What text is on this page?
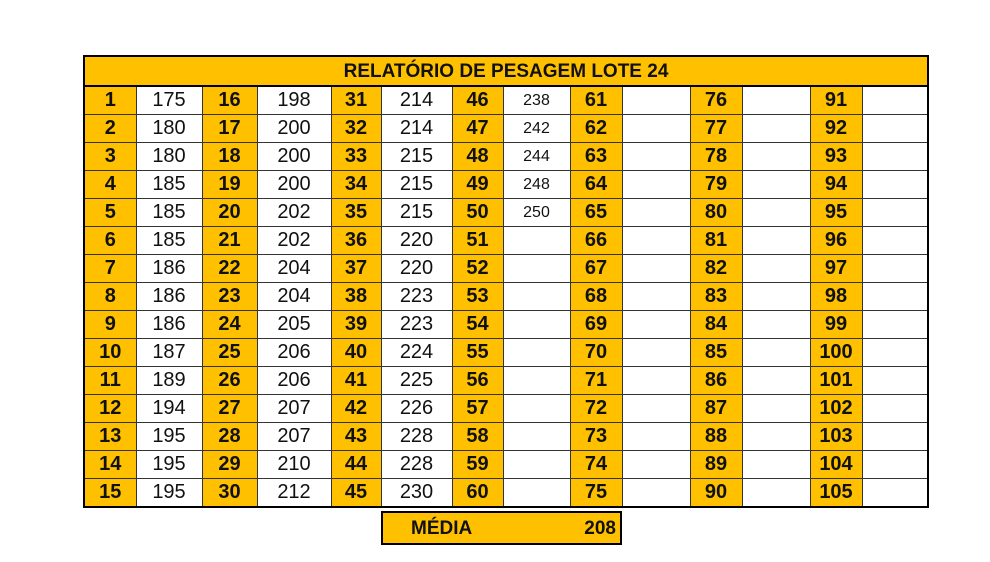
RELATÓRIO DE PESAGEM LOTE 24													
1	175	16	198	31	214	46	238	61		76		91	
2	180	17	200	32	214	47	242	62		77		92	
3	180	18	200	33	215	48	244	63		78		93	
4	185	19	200	34	215	49	248	64		79		94	
5	185	20	202	35	215	50	250	65		80		95	
6	185	21	202	36	220	51		66		81		96	
7	186	22	204	37	220	52		67		82		97	
8	186	23	204	38	223	53		68		83		98	
9	186	24	205	39	223	54		69		84		99	
10	187	25	206	40	224	55		70		85		100	
11	189	26	206	41	225	56		71		86		101	
12	194	27	207	42	226	57		72		87		102	
13	195	28	207	43	228	58		73		88		103	
14	195	29	210	44	228	59		74		89		104	
15	195	30	212	45	230	60		75		90		105	
MÉDIA	208
